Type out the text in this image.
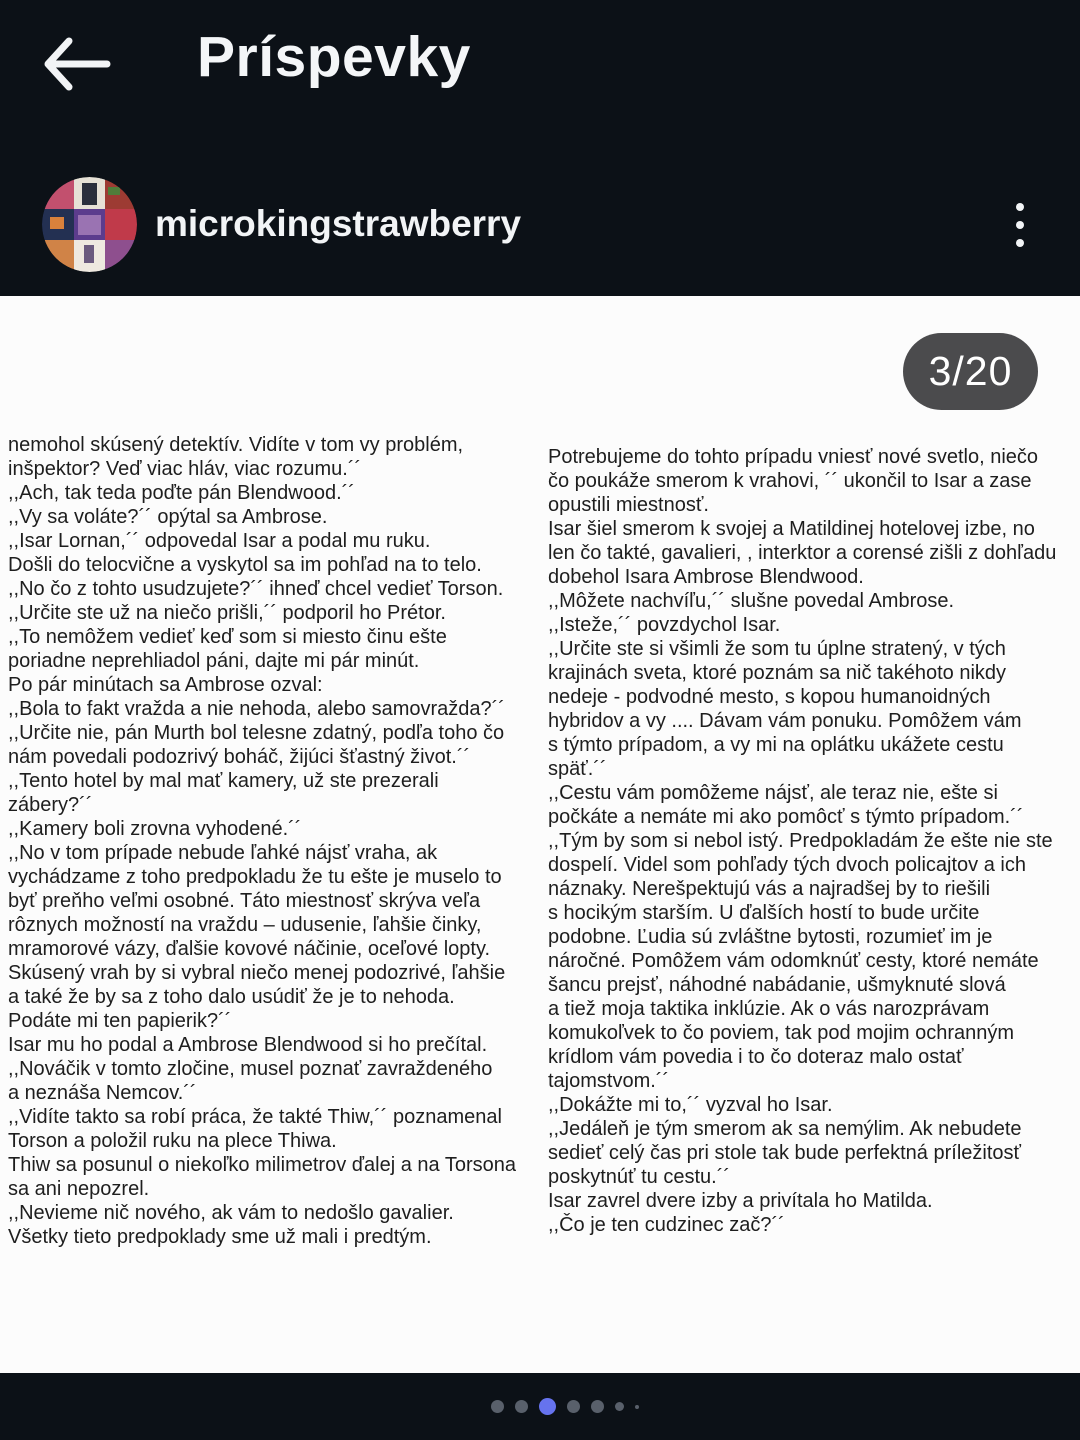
Príspevky
microkingstrawberry
3/20
nemohol skúsený detektív. Vidíte v tom vy problém,
inšpektor? Veď viac hláv, viac rozumu.´´
,,Ach, tak teda poďte pán Blendwood.´´
,,Vy sa voláte?´´ opýtal sa Ambrose.
,,Isar Lornan,´´ odpovedal Isar a podal mu ruku.
Došli do telocvične a vyskytol sa im pohľad na to telo.
,,No čo z tohto usudzujete?´´ ihneď chcel vedieť Torson.
,,Určite ste už na niečo prišli,´´ podporil ho Prétor.
,,To nemôžem vedieť keď som si miesto činu ešte
poriadne neprehliadol páni, dajte mi pár minút.
Po pár minútach sa Ambrose ozval:
,,Bola to fakt vražda a nie nehoda, alebo samovražda?´´
,,Určite nie, pán Murth bol telesne zdatný, podľa toho čo
nám povedali podozrivý boháč, žijúci šťastný život.´´
,,Tento hotel by mal mať kamery, už ste prezerali
zábery?´´
,,Kamery boli zrovna vyhodené.´´
,,No v tom prípade nebude ľahké nájsť vraha, ak
vychádzame z toho predpokladu že tu ešte je muselo to
byť preňho veľmi osobné. Táto miestnosť skrýva veľa
rôznych možností na vraždu – udusenie, ľahšie činky,
mramorové vázy, ďalšie kovové náčinie, oceľové lopty.
Skúsený vrah by si vybral niečo menej podozrivé, ľahšie
a také že by sa z toho dalo usúdiť že je to nehoda.
Podáte mi ten papierik?´´
Isar mu ho podal a Ambrose Blendwood si ho prečítal.
,,Nováčik v tomto zločine, musel poznať zavraždeného
a neznáša Nemcov.´´
,,Vidíte takto sa robí práca, že takté Thiw,´´ poznamenal
Torson a položil ruku na plece Thiwa.
Thiw sa posunul o niekoľko milimetrov ďalej a na Torsona
sa ani nepozrel.
,,Nevieme nič nového, ak vám to nedošlo gavalier.
Všetky tieto predpoklady sme už mali i predtým.
Potrebujeme do tohto prípadu vniesť nové svetlo, niečo
čo poukáže smerom k vrahovi, ´´ ukončil to Isar a zase
opustili miestnosť.
Isar šiel smerom k svojej a Matildinej hotelovej izbe, no
len čo takté, gavalieri, , interktor a corensé zišli z dohľadu
dobehol Isara Ambrose Blendwood.
,,Môžete nachvíľu,´´ slušne povedal Ambrose.
,,Isteže,´´ povzdychol Isar.
,,Určite ste si všimli že som tu úplne stratený, v tých
krajinách sveta, ktoré poznám sa nič takéhoto nikdy
nedeje - podvodné mesto, s kopou humanoidných
hybridov a vy .... Dávam vám ponuku. Pomôžem vám
s týmto prípadom, a vy mi na oplátku ukážete cestu
späť.´´
,,Cestu vám pomôžeme nájsť, ale teraz nie, ešte si
počkáte a nemáte mi ako pomôcť s týmto prípadom.´´
,,Tým by som si nebol istý. Predpokladám že ešte nie ste
dospelí. Videl som pohľady tých dvoch policajtov a ich
náznaky. Nerešpektujú vás a najradšej by to riešili
s hocikým starším. U ďalších hostí to bude určite
podobne. Ľudia sú zvláštne bytosti, rozumieť im je
náročné. Pomôžem vám odomknúť cesty, ktoré nemáte
šancu prejsť, náhodné nabádanie, ušmyknuté slová
a tiež moja taktika inklúzie. Ak o vás narozprávam
komukoľvek to čo poviem, tak pod mojim ochranným
krídlom vám povedia i to čo doteraz malo ostať
tajomstvom.´´
,,Dokážte mi to,´´ vyzval ho Isar.
,,Jedáleň je tým smerom ak sa nemýlim. Ak nebudete
sedieť celý čas pri stole tak bude perfektná príležitosť
poskytnúť tu cestu.´´
Isar zavrel dvere izby a privítala ho Matilda.
,,Čo je ten cudzinec zač?´´
